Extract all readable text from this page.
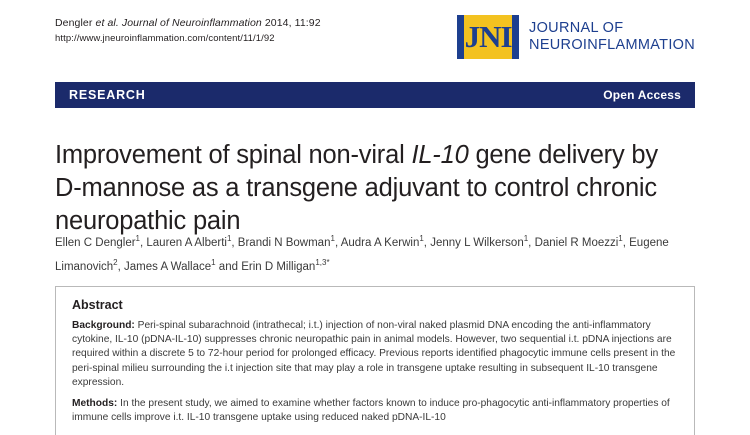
Dengler et al. Journal of Neuroinflammation 2014, 11:92
http://www.jneuroinflammation.com/content/11/1/92	JNI JOURNAL OF
NEUROINFLAMMATION
RESEARCH	Open Access
Improvement of spinal non-viral IL-10 gene delivery by D-mannose as a transgene adjuvant to control chronic neuropathic pain
Ellen C Dengler$^1$, Lauren A Alberti$^1$, Brandi N Bowman$^1$, Audra A Kerwin$^1$, Jenny L Wilkerson$^1$, Daniel R Moezzi$^1$, Eugene Limanovich$^2$, James A Wallace$^1$ and Erin D Milligan$^{1,3*}$
Abstract

Background: Peri-spinal subarachnoid (intrathecal; i.t.) injection of non-viral naked plasmid DNA encoding the anti-inflammatory cytokine, IL-10 (pDNA-IL-10) suppresses chronic neuropathic pain in animal models. However, two sequential i.t. pDNA injections are required within a discrete 5 to 72-hour period for prolonged efficacy. Previous reports identified phagocytic immune cells present in the peri-spinal milieu surrounding the i.t injection site that may play a role in transgene uptake resulting in subsequent IL-10 transgene expression.

Methods: In the present study, we aimed to examine whether factors known to induce pro-phagocytic anti-inflammatory properties of immune cells improve i.t. IL-10 transgene uptake using reduced naked pDNA-IL-10
